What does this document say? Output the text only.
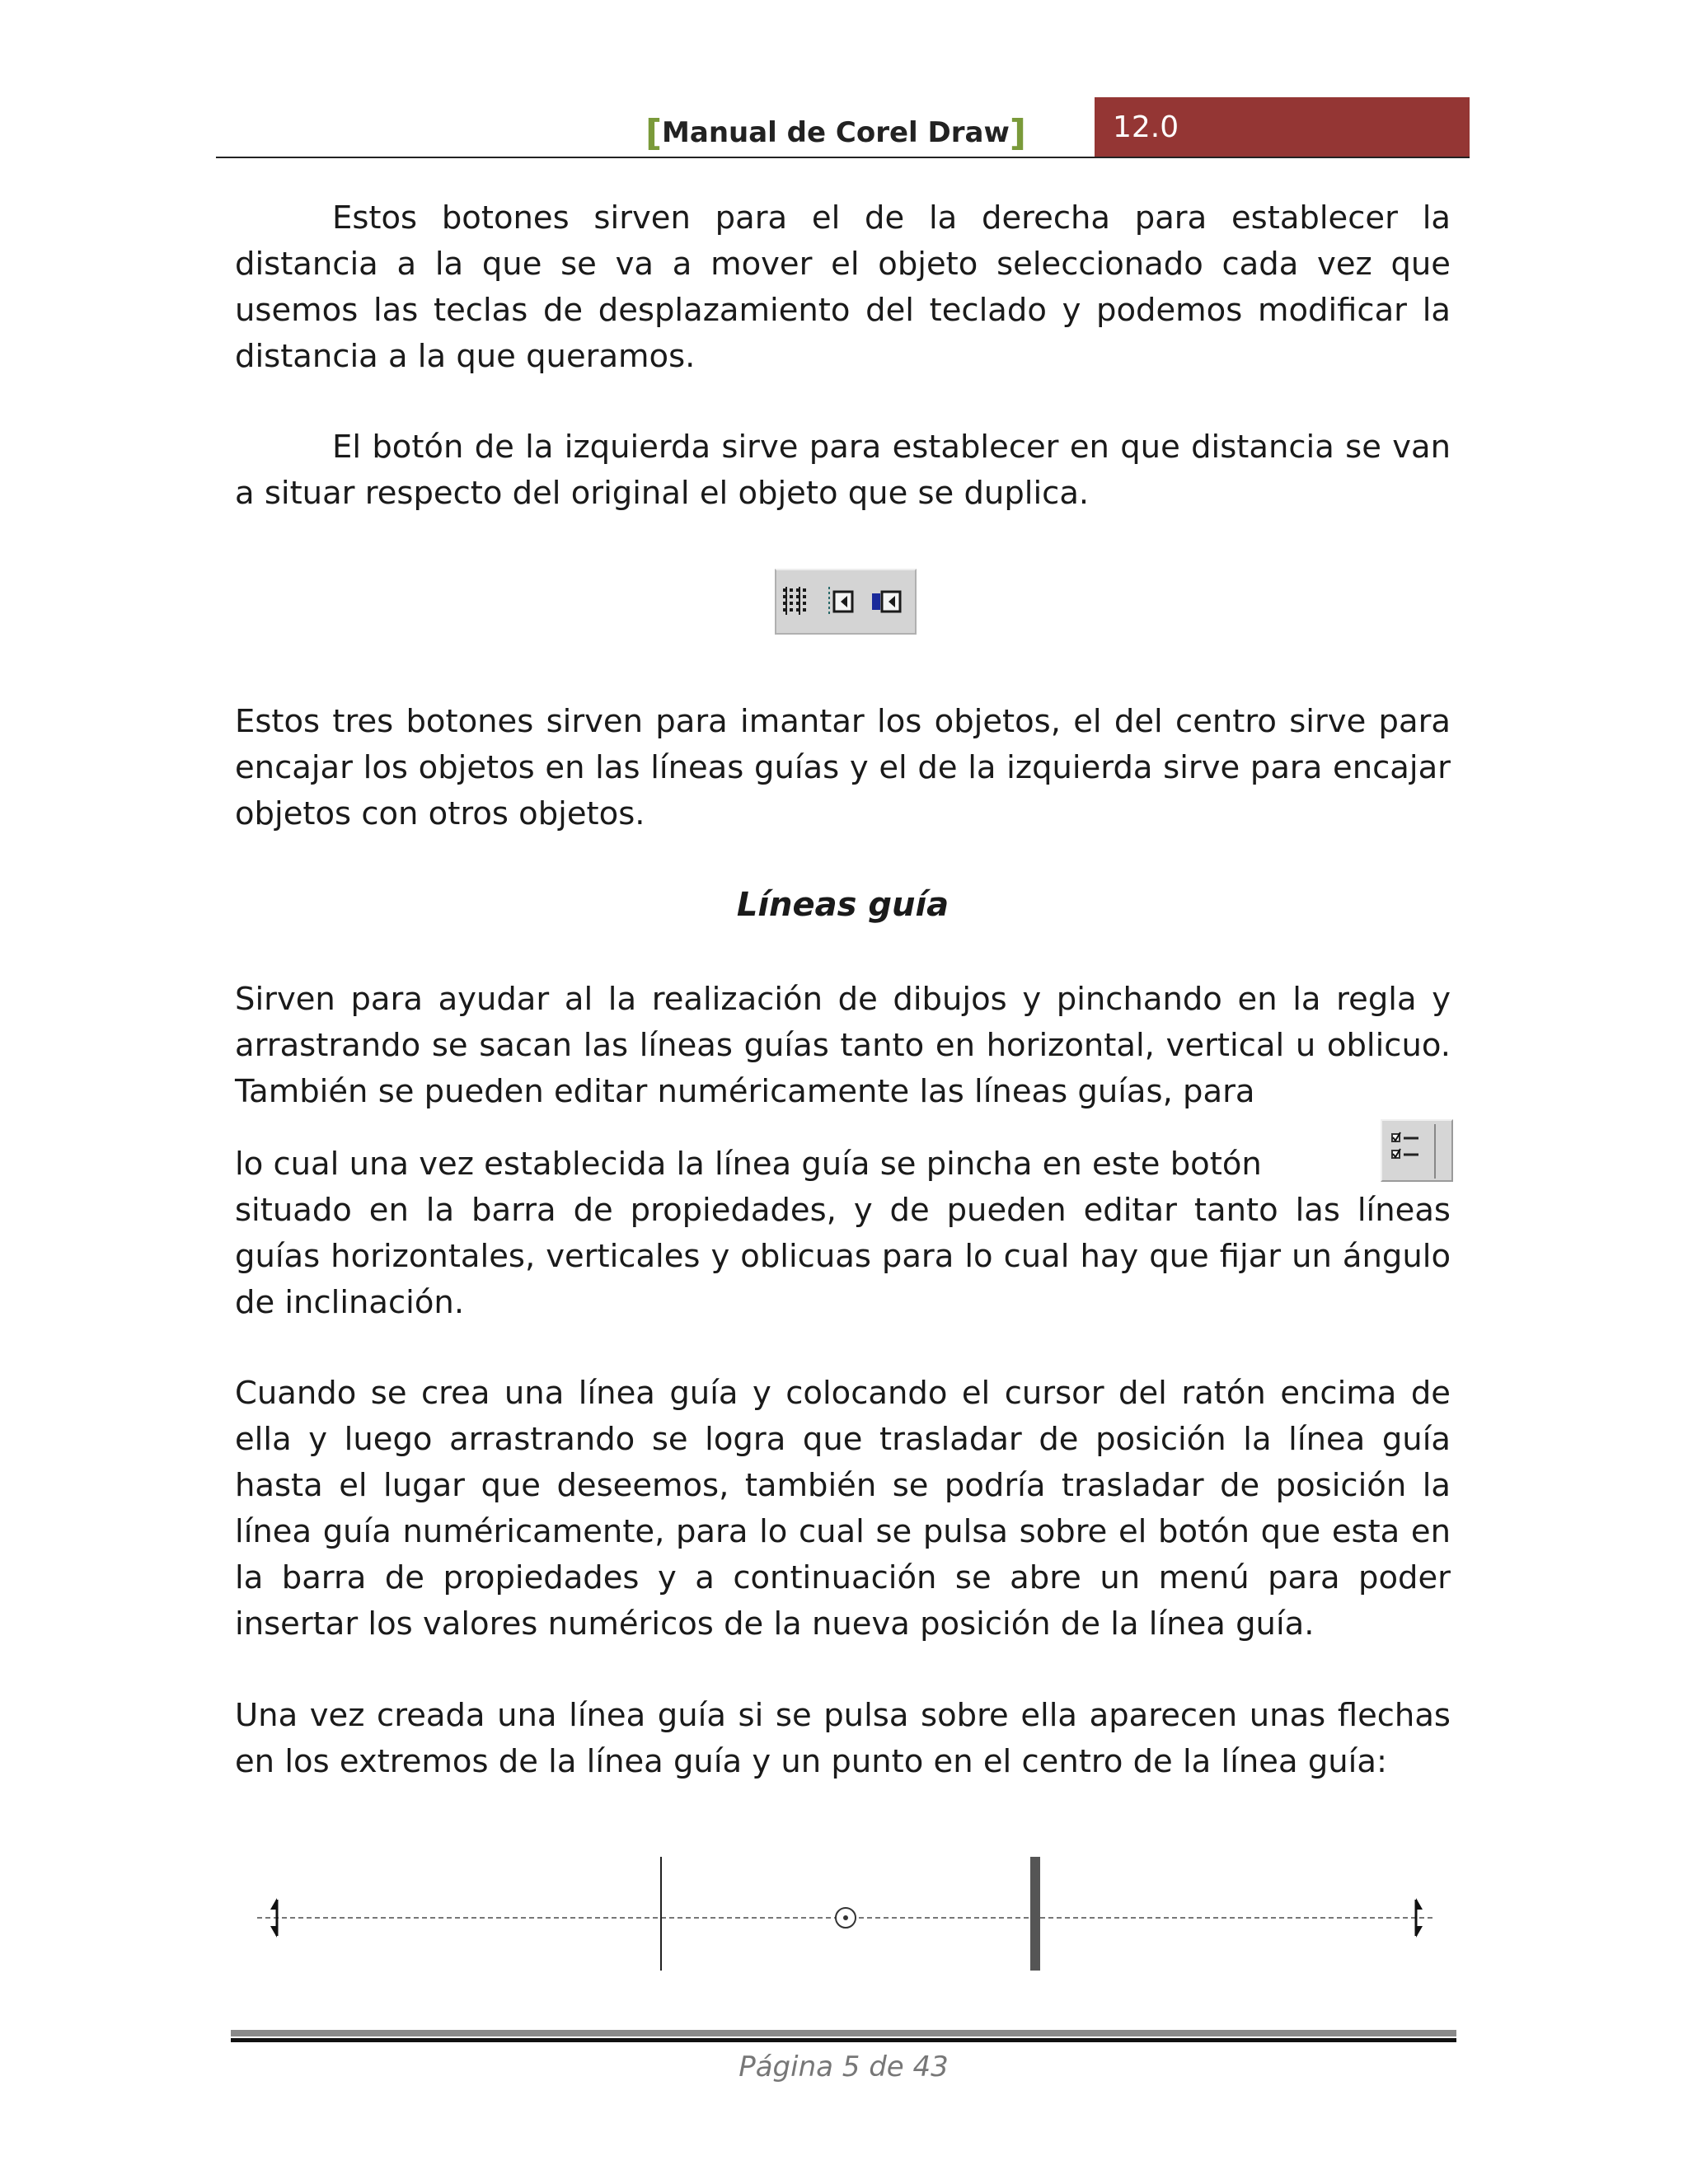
[Manual de Corel Draw]	12.0
Estos botones sirven para el de la derecha para establecer la distancia a la que se va a mover el objeto seleccionado cada vez que usemos las teclas de desplazamiento del teclado y podemos modificar la distancia a la que queramos.
El botón de la izquierda sirve para establecer en que distancia se van a situar respecto del original el objeto que se duplica.
Estos tres botones sirven para imantar los objetos, el del centro sirve para encajar los objetos en las líneas guías y el de la izquierda sirve para encajar objetos con otros objetos.
Líneas guía
Sirven para ayudar al la realización de dibujos y pinchando en la regla y arrastrando se sacan las líneas guías tanto en horizontal, vertical u oblicuo. También se pueden editar numéricamente las líneas guías, para
lo cual una vez establecida la línea guía se pincha en este botón
situado en la barra de propiedades, y de pueden editar tanto las líneas guías horizontales, verticales y oblicuas para lo cual hay que fijar un ángulo de inclinación.
Cuando se crea una línea guía y colocando el cursor del ratón encima de ella y luego arrastrando se logra que trasladar de posición la línea guía hasta el lugar que deseemos, también se podría trasladar de posición la línea guía numéricamente, para lo cual se pulsa sobre el botón que esta en la barra de propiedades y a continuación se abre un menú para poder insertar los valores numéricos de la nueva posición de la línea guía.
Una vez creada una línea guía si se pulsa sobre ella aparecen unas flechas en los extremos de la línea guía y un punto en el centro de la línea guía:
Página 5 de 43
